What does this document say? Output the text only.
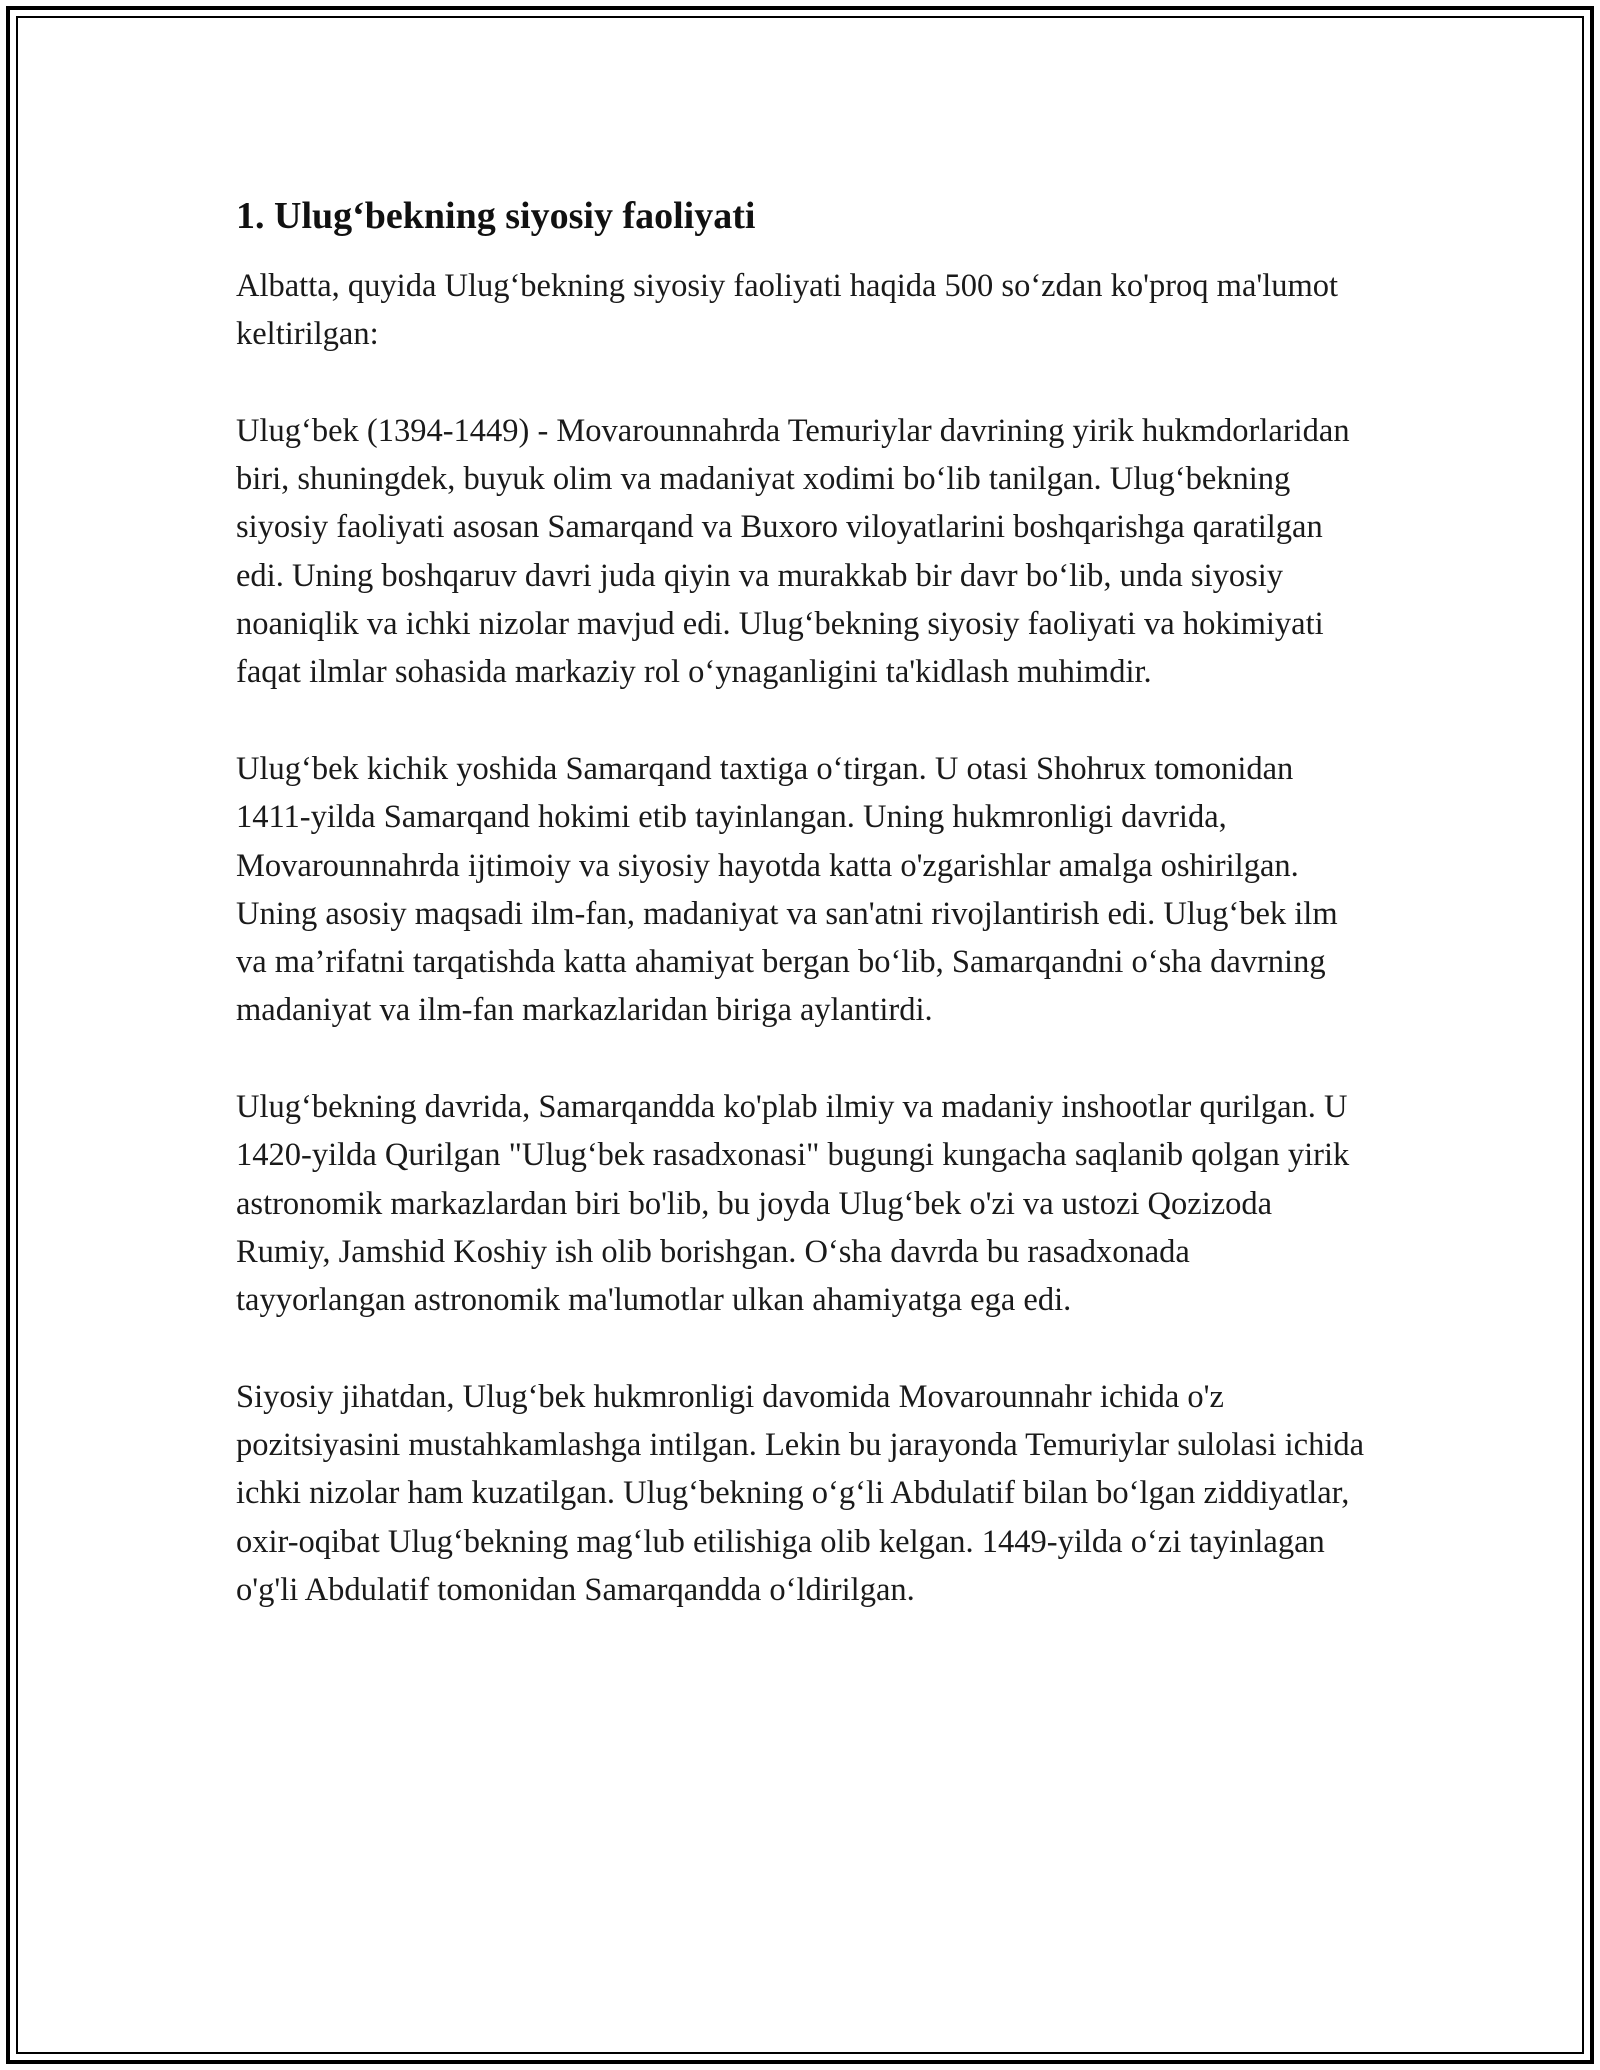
1. Ulug‘bekning siyosiy faoliyati

Albatta, quyida Ulug‘bekning siyosiy faoliyati haqida 500 so‘zdan ko'proq ma'lumot keltirilgan:

Ulug‘bek (1394-1449) - Movarounnahrda Temuriylar davrining yirik hukmdorlaridan biri, shuningdek, buyuk olim va madaniyat xodimi bo‘lib tanilgan. Ulug‘bekning siyosiy faoliyati asosan Samarqand va Buxoro viloyatlarini boshqarishga qaratilgan edi. Uning boshqaruv davri juda qiyin va murakkab bir davr bo‘lib, unda siyosiy noaniqlik va ichki nizolar mavjud edi. Ulug‘bekning siyosiy faoliyati va hokimiyati faqat ilmlar sohasida markaziy rol o‘ynaganligini ta'kidlash muhimdir.

Ulug‘bek kichik yoshida Samarqand taxtiga o‘tirgan. U otasi Shohrux tomonidan 1411-yilda Samarqand hokimi etib tayinlangan. Uning hukmronligi davrida, Movarounnahrda ijtimoiy va siyosiy hayotda katta o'zgarishlar amalga oshirilgan. Uning asosiy maqsadi ilm-fan, madaniyat va san'atni rivojlantirish edi. Ulug‘bek ilm va ma’rifatni tarqatishda katta ahamiyat bergan bo‘lib, Samarqandni o‘sha davrning madaniyat va ilm-fan markazlaridan biriga aylantirdi.

Ulug‘bekning davrida, Samarqandda ko'plab ilmiy va madaniy inshootlar qurilgan. U 1420-yilda Qurilgan "Ulug‘bek rasadxonasi" bugungi kungacha saqlanib qolgan yirik astronomik markazlardan biri bo'lib, bu joyda Ulug‘bek o'zi va ustozi Qozizoda Rumiy, Jamshid Koshiy ish olib borishgan. O‘sha davrda bu rasadxonada tayyorlangan astronomik ma'lumotlar ulkan ahamiyatga ega edi.

Siyosiy jihatdan, Ulug‘bek hukmronligi davomida Movarounnahr ichida o'z pozitsiyasini mustahkamlashga intilgan. Lekin bu jarayonda Temuriylar sulolasi ichida ichki nizolar ham kuzatilgan. Ulug‘bekning o‘g‘li Abdulatif bilan bo‘lgan ziddiyatlar, oxir-oqibat Ulug‘bekning mag‘lub etilishiga olib kelgan. 1449-yilda o‘zi tayinlagan o'g'li Abdulatif tomonidan Samarqandda o‘ldirilgan.
